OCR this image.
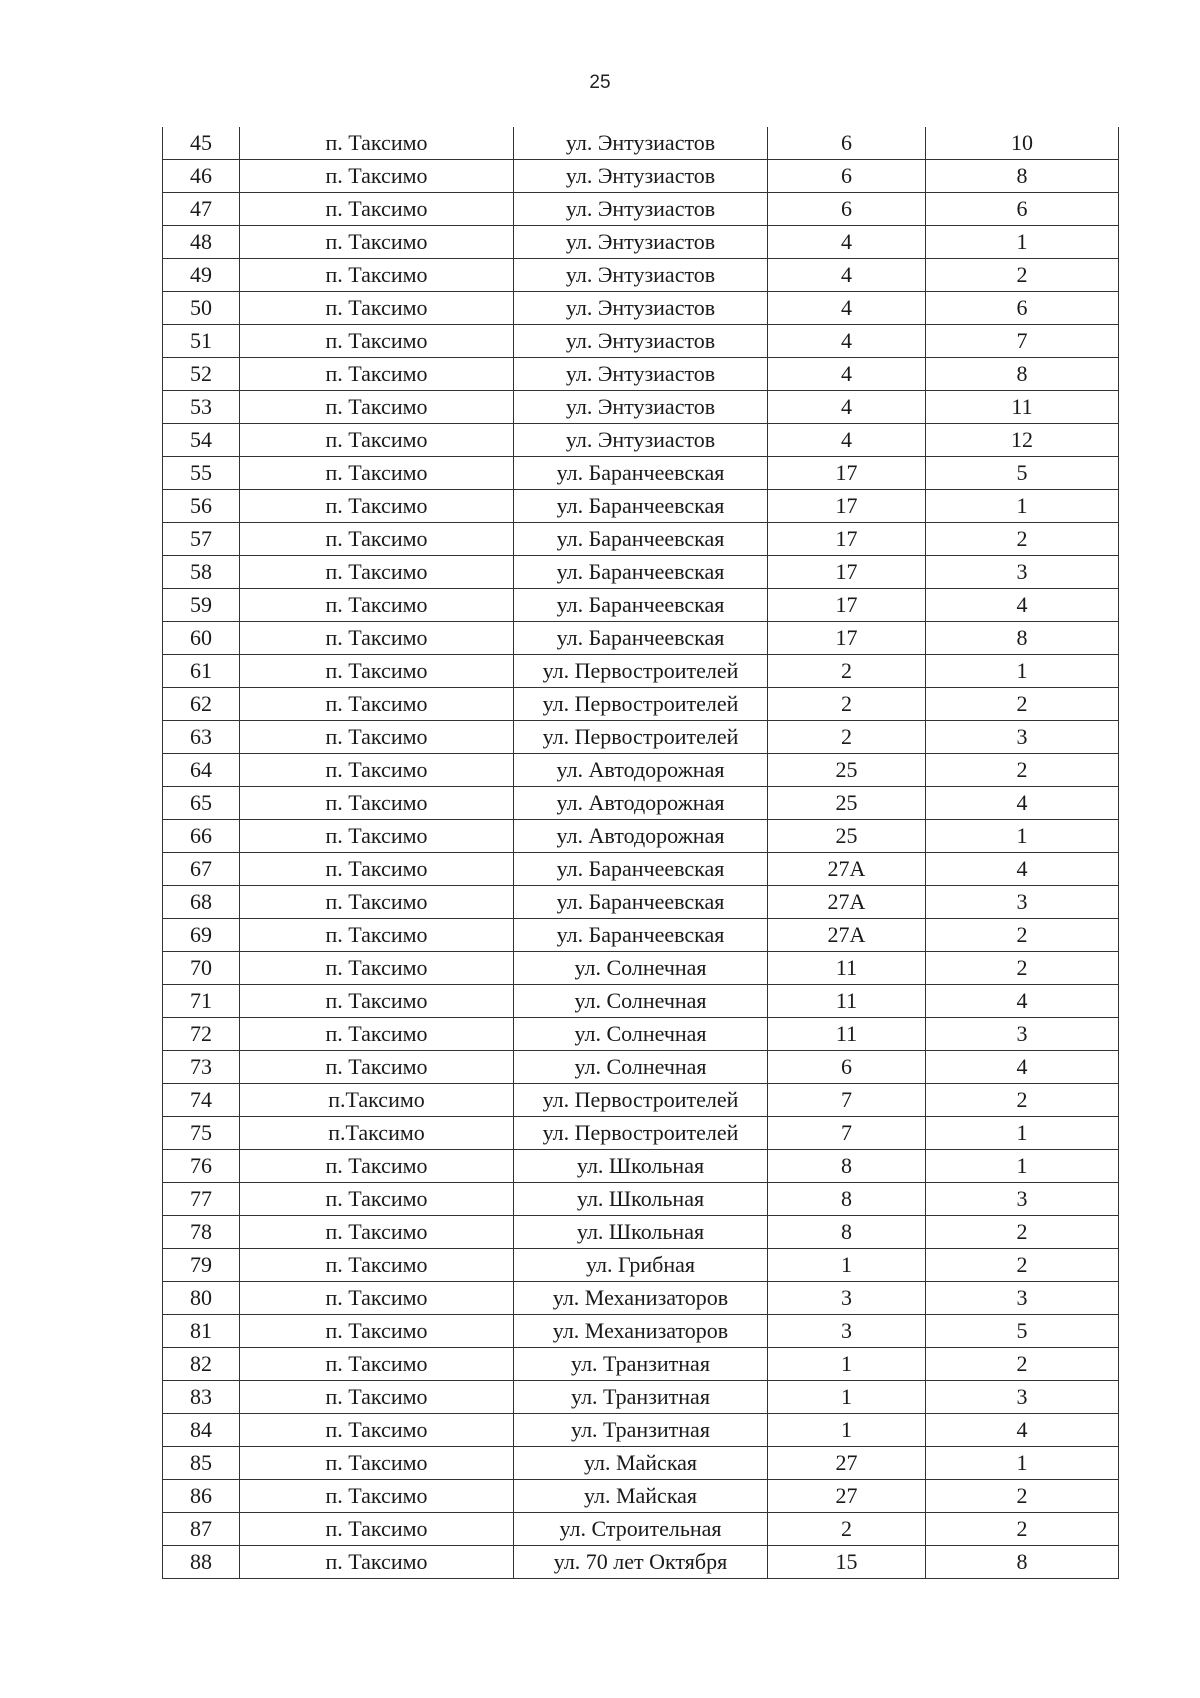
25
45	п. Таксимо	ул. Энтузиастов	6	10
46	п. Таксимо	ул. Энтузиастов	6	8
47	п. Таксимо	ул. Энтузиастов	6	6
48	п. Таксимо	ул. Энтузиастов	4	1
49	п. Таксимо	ул. Энтузиастов	4	2
50	п. Таксимо	ул. Энтузиастов	4	6
51	п. Таксимо	ул. Энтузиастов	4	7
52	п. Таксимо	ул. Энтузиастов	4	8
53	п. Таксимо	ул. Энтузиастов	4	11
54	п. Таксимо	ул. Энтузиастов	4	12
55	п. Таксимо	ул. Баранчеевская	17	5
56	п. Таксимо	ул. Баранчеевская	17	1
57	п. Таксимо	ул. Баранчеевская	17	2
58	п. Таксимо	ул. Баранчеевская	17	3
59	п. Таксимо	ул. Баранчеевская	17	4
60	п. Таксимо	ул. Баранчеевская	17	8
61	п. Таксимо	ул. Первостроителей	2	1
62	п. Таксимо	ул. Первостроителей	2	2
63	п. Таксимо	ул. Первостроителей	2	3
64	п. Таксимо	ул. Автодорожная	25	2
65	п. Таксимо	ул. Автодорожная	25	4
66	п. Таксимо	ул. Автодорожная	25	1
67	п. Таксимо	ул. Баранчеевская	27А	4
68	п. Таксимо	ул. Баранчеевская	27А	3
69	п. Таксимо	ул. Баранчеевская	27А	2
70	п. Таксимо	ул. Солнечная	11	2
71	п. Таксимо	ул. Солнечная	11	4
72	п. Таксимо	ул. Солнечная	11	3
73	п. Таксимо	ул. Солнечная	6	4
74	п.Таксимо	ул. Первостроителей	7	2
75	п.Таксимо	ул. Первостроителей	7	1
76	п. Таксимо	ул. Школьная	8	1
77	п. Таксимо	ул. Школьная	8	3
78	п. Таксимо	ул. Школьная	8	2
79	п. Таксимо	ул. Грибная	1	2
80	п. Таксимо	ул. Механизаторов	3	3
81	п. Таксимо	ул. Механизаторов	3	5
82	п. Таксимо	ул. Транзитная	1	2
83	п. Таксимо	ул. Транзитная	1	3
84	п. Таксимо	ул. Транзитная	1	4
85	п. Таксимо	ул. Майская	27	1
86	п. Таксимо	ул. Майская	27	2
87	п. Таксимо	ул. Строительная	2	2
88	п. Таксимо	ул. 70 лет Октября	15	8
